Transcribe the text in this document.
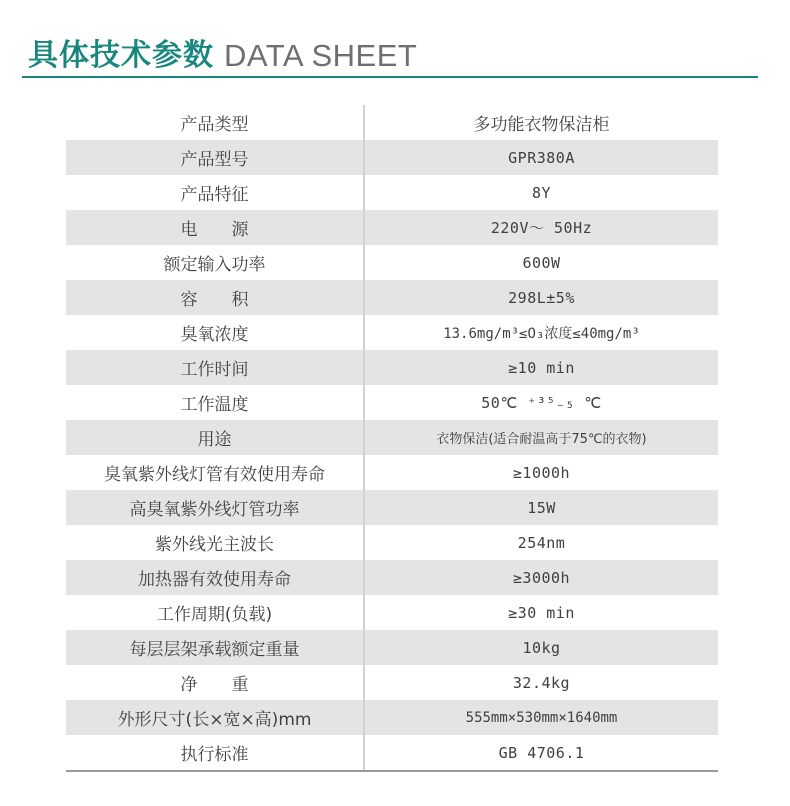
具体技术参数 DATA SHEET
产品类型	多功能衣物保洁柜
产品型号	GPR380A
产品特征	8Y
电　　源	220V～ 50Hz
额定输入功率	600W
容　　积	298L±5%
臭氧浓度	13.6mg/m³≤O₃浓度≤40mg/m³
工作时间	≥10 min
工作温度	50℃ ⁺³⁵₋₅ ℃
用途	衣物保洁(适合耐温高于75℃的衣物)
臭氧紫外线灯管有效使用寿命	≥1000h
高臭氧紫外线灯管功率	15W
紫外线光主波长	254nm
加热器有效使用寿命	≥3000h
工作周期(负载)	≥30 min
每层层架承载额定重量	10kg
净　　重	32.4kg
外形尺寸(长×宽×高)mm	555mm×530mm×1640mm
执行标准	GB 4706.1
